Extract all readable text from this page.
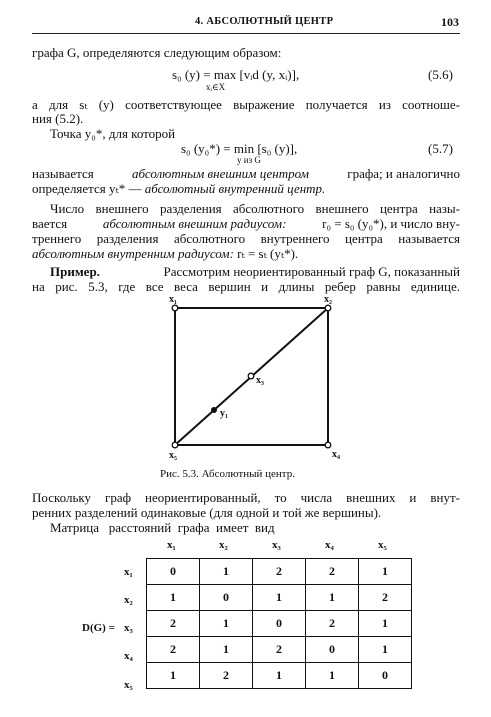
4. АБСОЛЮТНЫЙ ЦЕНТР	103
графа G, определяются следующим образом:
s₀ (y) = max [vᵢd (y, xᵢ)],
xᵢ∈X
(5.6)
а для sₜ (y) соответствующее выражение получается из соотноше-
ния (5.2).
Точка y₀*, для которой
s₀ (y₀*) = min [s₀ (y)],
y из G
(5.7)
называется	абсолютным внешним центром	графа; и аналогично
определяется yₜ* — абсолютный внутренний центр.
Число внешнего разделения абсолютного внешнего центра назы-
вается	абсолютным внешним радиусом:	r₀ = s₀ (y₀*), и число вну-
треннего разделения абсолютного внутреннего центра называется
абсолютным внутренним радиусом: rₜ = sₜ (yₜ*).
Пример.	Рассмотрим неориентированный граф G, показанный
на рис. 5.3, где все веса вершин и длины ребер равны единице.
x₁	x₂
x₃
x₄
x₅
y₁
Рис. 5.3. Абсолютный центр.
Поскольку граф неориентированный, то числа внешних и внут-
ренних разделений одинаковые (для одной и той же вершины).
Матрица   расстояний  графа  имеет  вид
x₁	x₂	x₃	x₄	x₅
x₁
x₂
D(G) = x₃
x₄
x₅
0	1	2	2	1
1	0	1	1	2
2	1	0	2	1
2	1	2	0	1
1	2	1	1	0
